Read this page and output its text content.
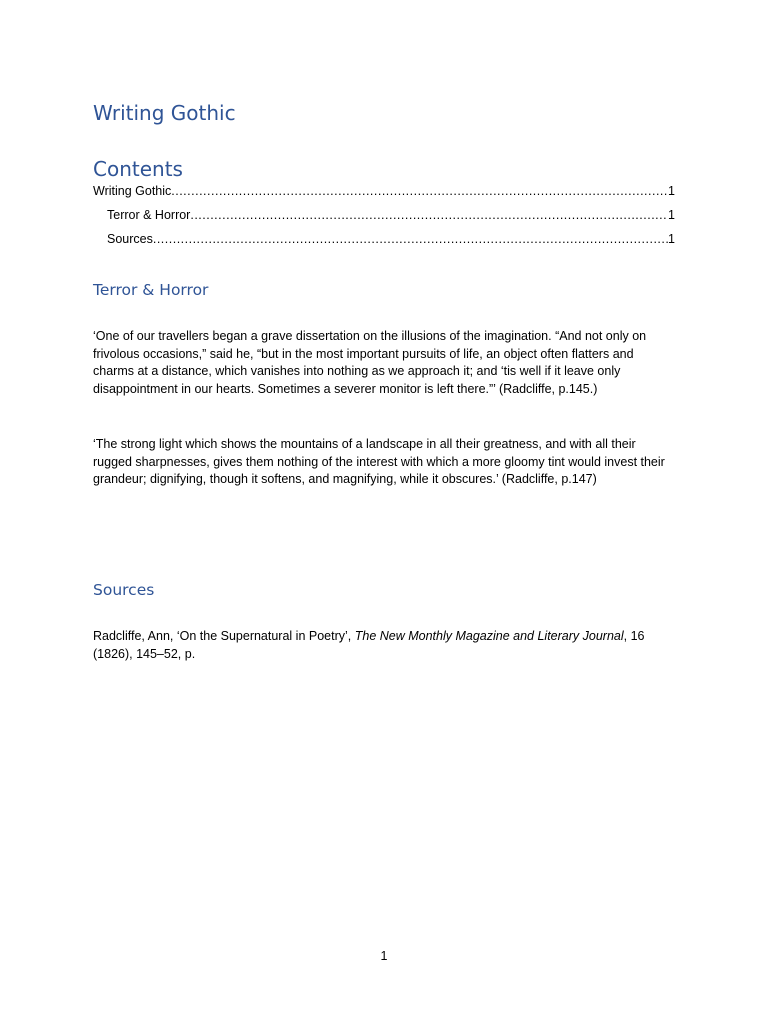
Writing Gothic
Contents
Writing Gothic .....	1
Terror & Horror .....	1
Sources .....	1
Terror & Horror

‘One of our travellers began a grave dissertation on the illusions of the imagination. “And not only on frivolous occasions,” said he, “but in the most important pursuits of life, an object often flatters and charms at a distance, which vanishes into nothing as we approach it; and ‘tis well if it leave only disappointment in our hearts. Sometimes a severer monitor is left there.”’ (Radcliffe, p.145.)

‘The strong light which shows the mountains of a landscape in all their greatness, and with all their rugged sharpnesses, gives them nothing of the interest with which a more gloomy tint would invest their grandeur; dignifying, though it softens, and magnifying, while it obscures.’ (Radcliffe, p.147)

Sources

Radcliffe, Ann, ‘On the Supernatural in Poetry’, The New Monthly Magazine and Literary Journal, 16 (1826), 145–52, p.

1
